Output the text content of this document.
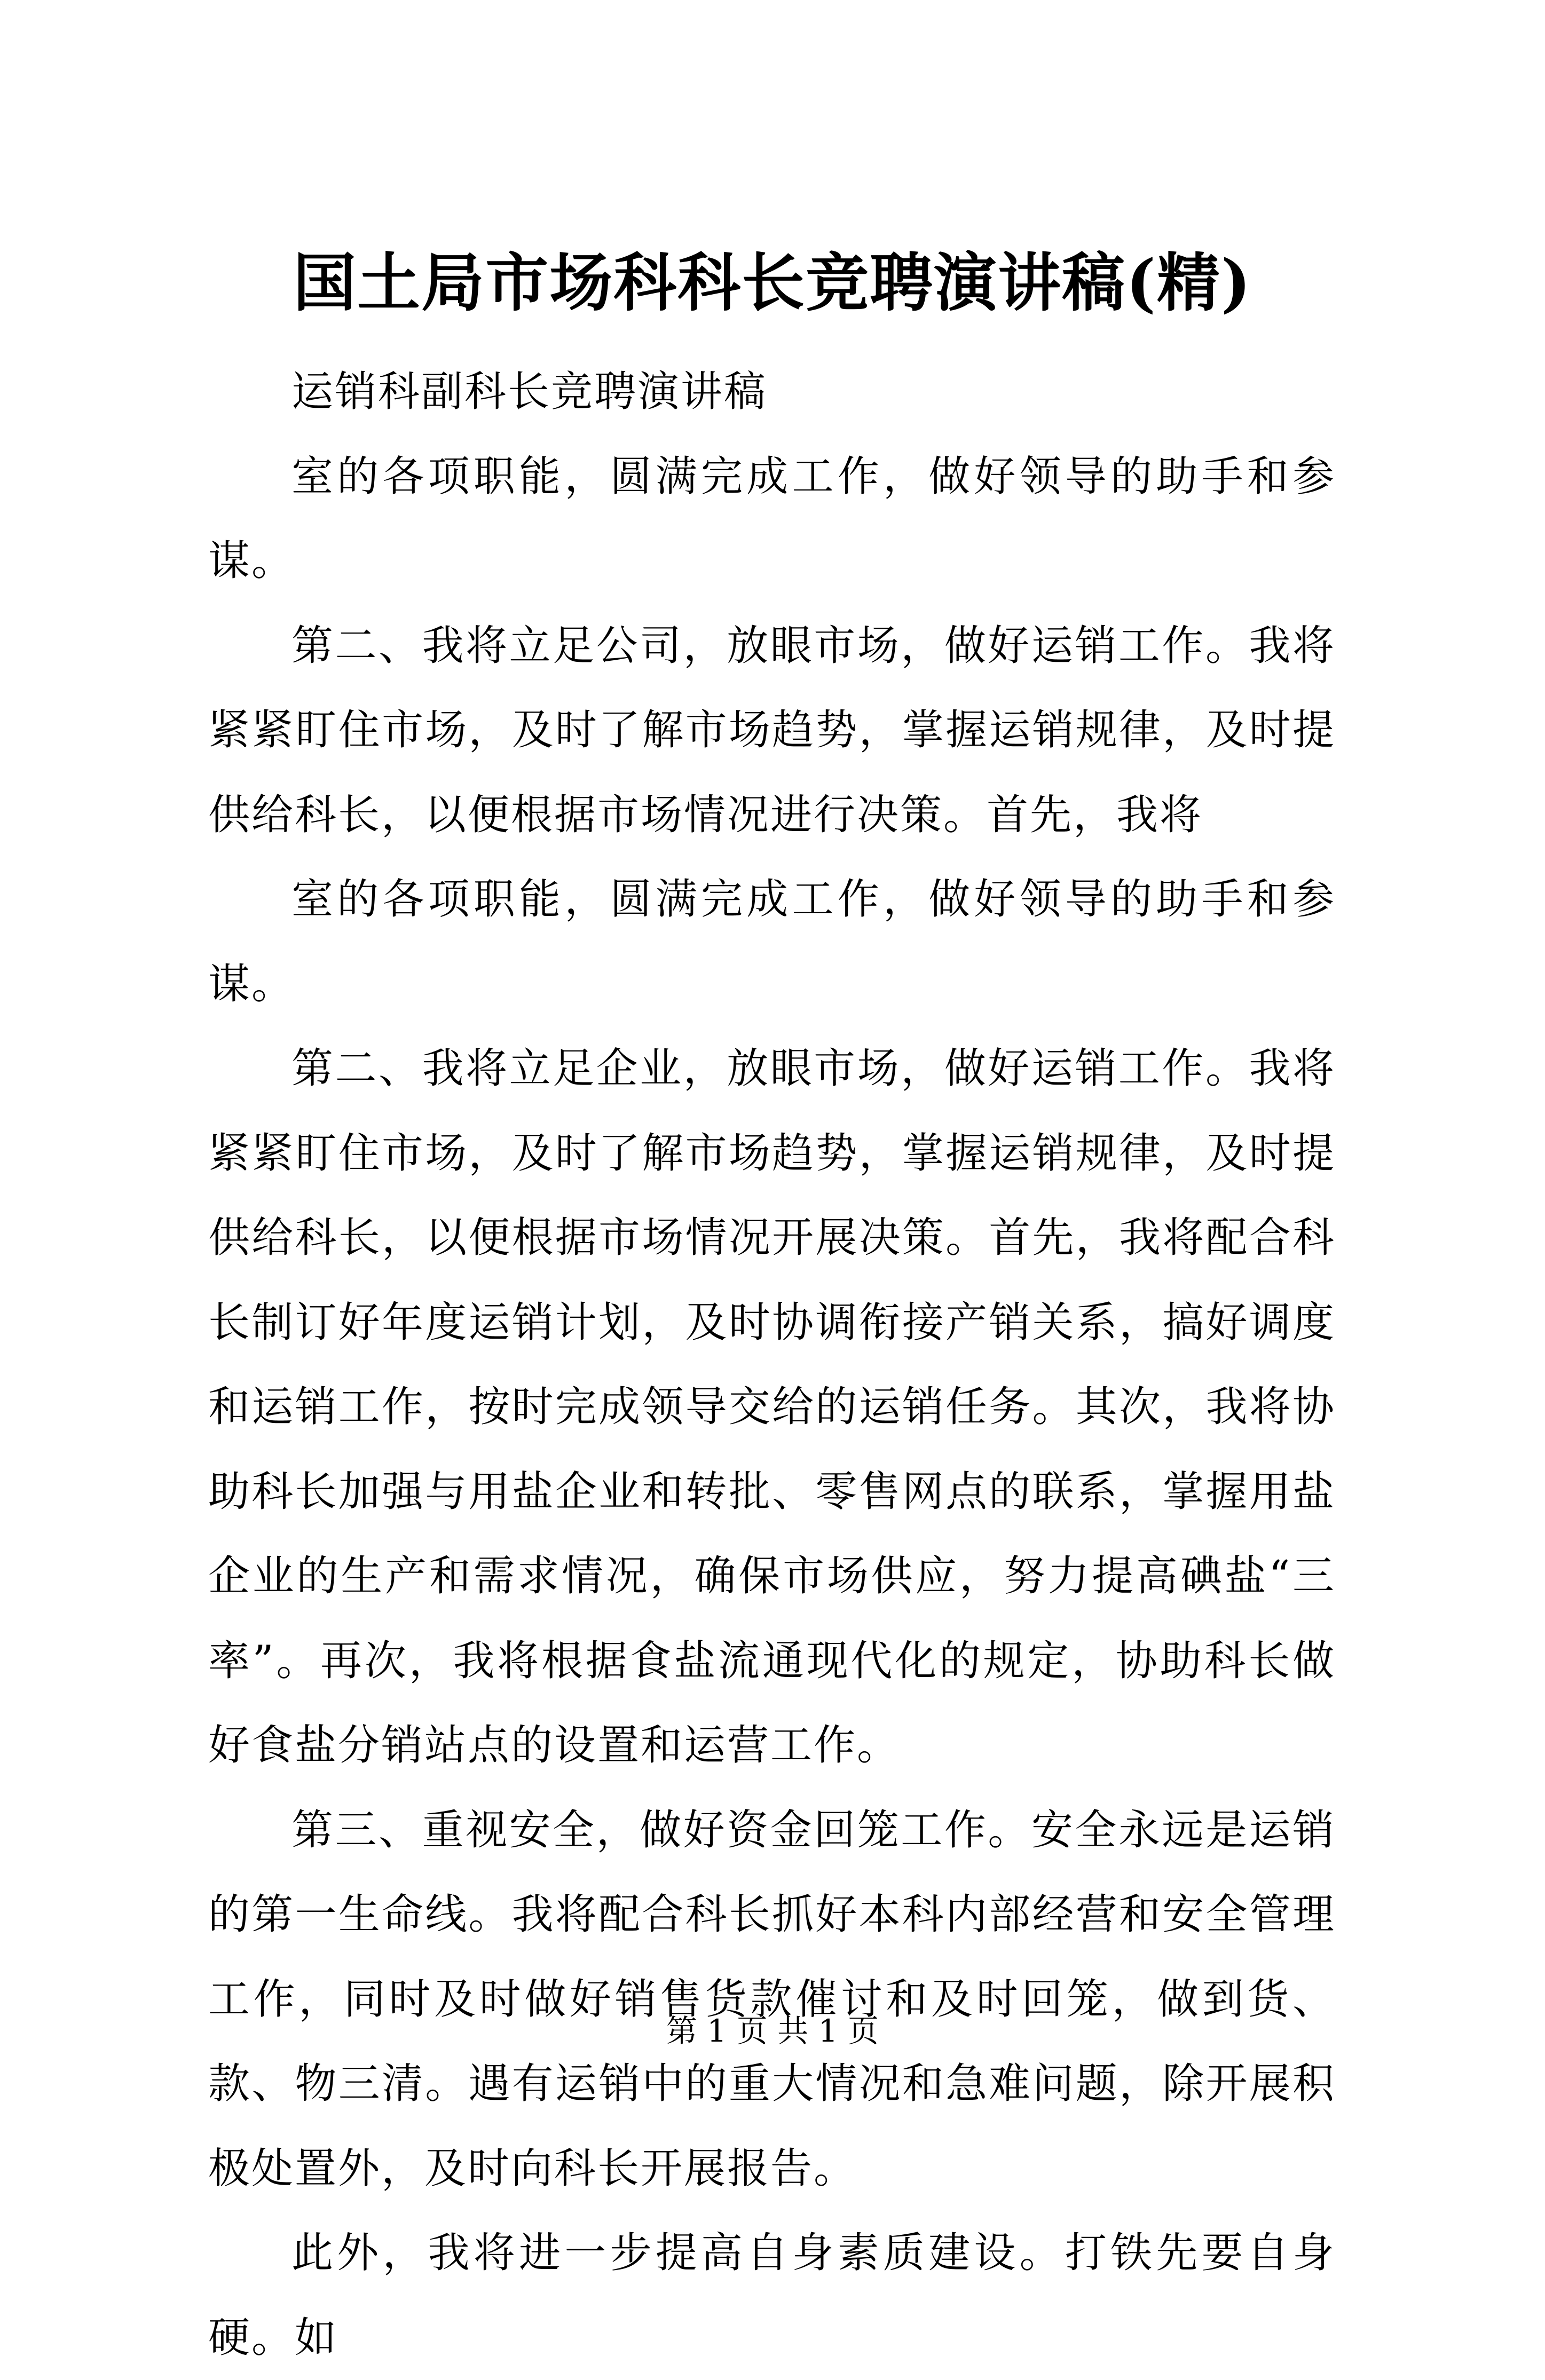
国土局市场科科长竞聘演讲稿(精)

运销科副科长竞聘演讲稿

室的各项职能，圆满完成工作，做好领导的助手和参谋。

第二、我将立足公司，放眼市场，做好运销工作。我将紧紧盯住市场，及时了解市场趋势，掌握运销规律，及时提供给科长，以便根据市场情况进行决策。首先，我将

室的各项职能，圆满完成工作，做好领导的助手和参谋。

第二、我将立足企业，放眼市场，做好运销工作。我将紧紧盯住市场，及时了解市场趋势，掌握运销规律，及时提供给科长，以便根据市场情况开展决策。首先，我将配合科长制订好年度运销计划，及时协调衔接产销关系，搞好调度和运销工作，按时完成领导交给的运销任务。其次，我将协助科长加强与用盐企业和转批、零售网点的联系，掌握用盐企业的生产和需求情况，确保市场供应，努力提高碘盐“三率”。再次，我将根据食盐流通现代化的规定，协助科长做好食盐分销站点的设置和运营工作。

第三、重视安全，做好资金回笼工作。安全永远是运销的第一生命线。我将配合科长抓好本科内部经营和安全管理工作，同时及时做好销售货款催讨和及时回笼，做到货、款、物三清。遇有运销中的重大情况和急难问题，除开展积极处置外，及时向科长开展报告。

此外，我将进一步提高自身素质建设。打铁先要自身硬。如

第 1 页 共 1 页
